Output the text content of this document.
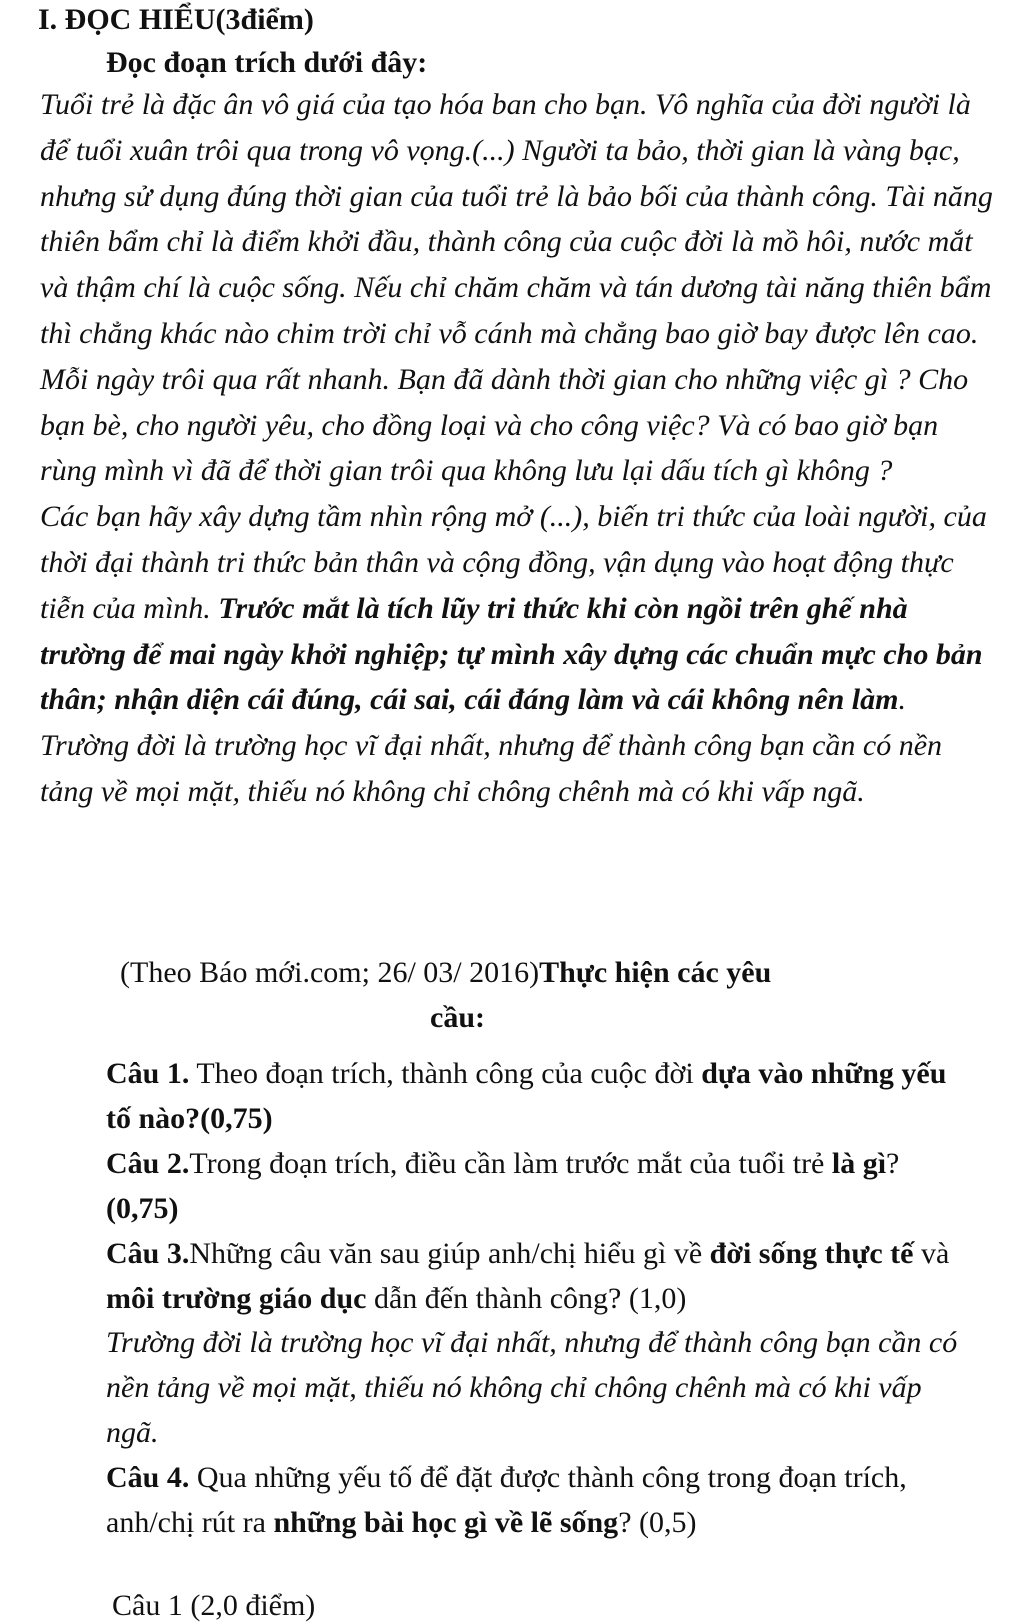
I. ĐỌC HIỂU(3điểm)
Đọc đoạn trích dưới đây:

Tuổi trẻ là đặc ân vô giá của tạo hóa ban cho bạn. Vô nghĩa của đời người là để tuổi xuân trôi qua trong vô vọng.(...) Người ta bảo, thời gian là vàng bạc, nhưng sử dụng đúng thời gian của tuổi trẻ là bảo bối của thành công. Tài năng thiên bẩm chỉ là điểm khởi đầu, thành công của cuộc đời là mồ hôi, nước mắt và thậm chí là cuộc sống. Nếu chỉ chăm chăm và tán dương tài năng thiên bẩm thì chẳng khác nào chim trời chỉ vỗ cánh mà chẳng bao giờ bay được lên cao. Mỗi ngày trôi qua rất nhanh. Bạn đã dành thời gian cho những việc gì ? Cho bạn bè, cho người yêu, cho đồng loại và cho công việc? Và có bao giờ bạn rùng mình vì đã để thời gian trôi qua không lưu lại dấu tích gì không ?
Các bạn hãy xây dựng tầm nhìn rộng mở (...), biến tri thức của loài người, của thời đại thành tri thức bản thân và cộng đồng, vận dụng vào hoạt động thực tiễn của mình. Trước mắt là tích lũy tri thức khi còn ngồi trên ghế nhà trường để mai ngày khởi nghiệp; tự mình xây dựng các chuẩn mực cho bản thân; nhận diện cái đúng, cái sai, cái đáng làm và cái không nên làm. Trường đời là trường học vĩ đại nhất, nhưng để thành công bạn cần có nền tảng về mọi mặt, thiếu nó không chỉ chông chênh mà có khi vấp ngã.

(Theo Báo mới.com; 26/ 03/ 2016)Thực hiện các yêu

cầu:

Câu 1. Theo đoạn trích, thành công của cuộc đời dựa vào những yếu tố nào?(0,75)
Câu 2.Trong đoạn trích, điều cần làm trước mắt của tuổi trẻ là gì? (0,75)
Câu 3.Những câu văn sau giúp anh/chị hiểu gì về đời sống thực tế và môi trường giáo dục dẫn đến thành công? (1,0)
Trường đời là trường học vĩ đại nhất, nhưng để thành công bạn cần có nền tảng về mọi mặt, thiếu nó không chỉ chông chênh mà có khi vấp ngã.
Câu 4. Qua những yếu tố để đặt được thành công trong đoạn trích, anh/chị rút ra những bài học gì về lẽ sống? (0,5)

Câu 1 (2,0 điểm)
